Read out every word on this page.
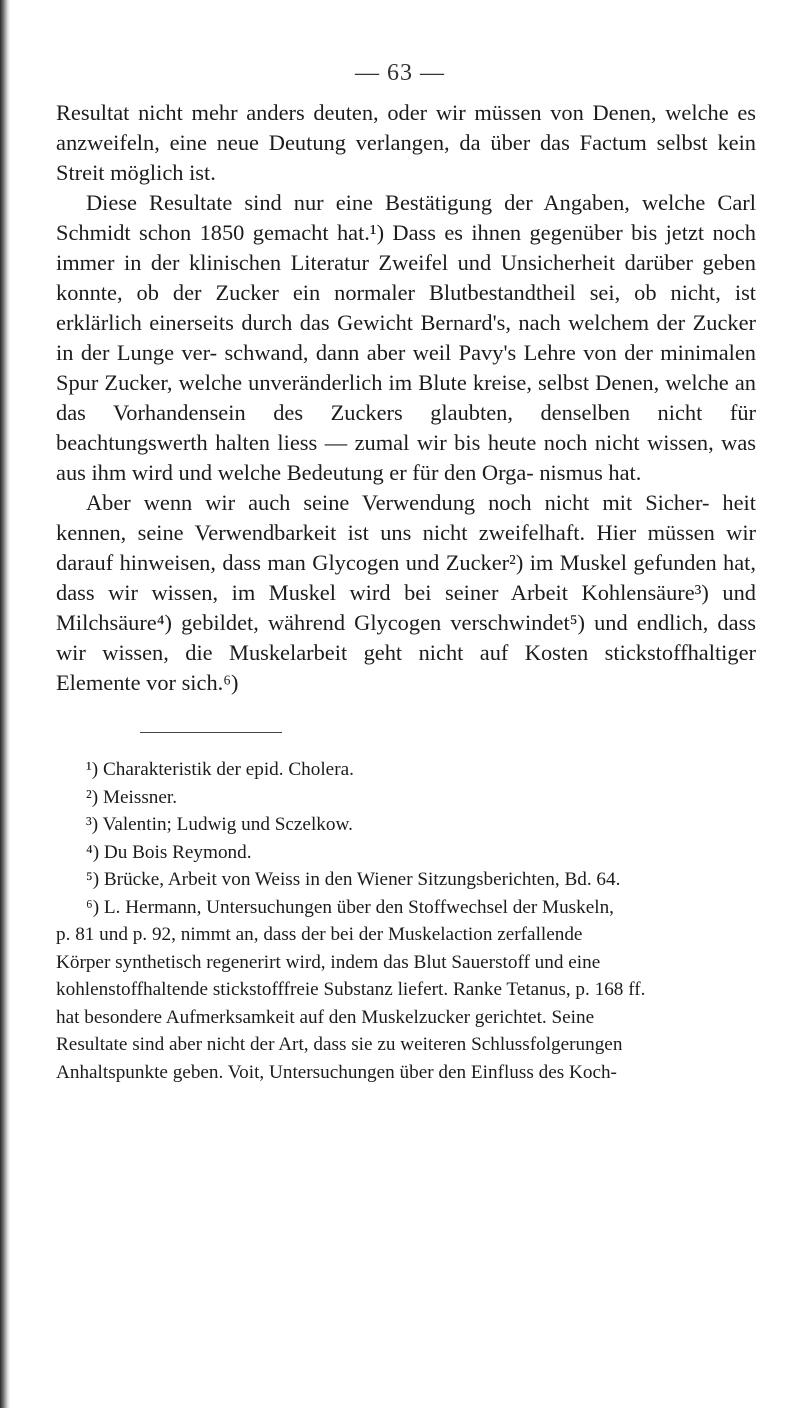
— 63 —

Resultat nicht mehr anders deuten, oder wir müssen von Denen, welche es anzweifeln, eine neue Deutung verlangen, da über das Factum selbst kein Streit möglich ist.

Diese Resultate sind nur eine Bestätigung der Angaben, welche Carl Schmidt schon 1850 gemacht hat.¹) Dass es ihnen gegenüber bis jetzt noch immer in der klinischen Literatur Zweifel und Unsicherheit darüber geben konnte, ob der Zucker ein normaler Blutbestandtheil sei, ob nicht, ist erklärlich einerseits durch das Gewicht Bernard's, nach welchem der Zucker in der Lunge ver- schwand, dann aber weil Pavy's Lehre von der minimalen Spur Zucker, welche unveränderlich im Blute kreise, selbst Denen, welche an das Vorhandensein des Zuckers glaubten, denselben nicht für beachtungswerth halten liess — zumal wir bis heute noch nicht wissen, was aus ihm wird und welche Bedeutung er für den Orga- nismus hat.

Aber wenn wir auch seine Verwendung noch nicht mit Sicher- heit kennen, seine Verwendbarkeit ist uns nicht zweifelhaft. Hier müssen wir darauf hinweisen, dass man Glycogen und Zucker²) im Muskel gefunden hat, dass wir wissen, im Muskel wird bei seiner Arbeit Kohlensäure³) und Milchsäure⁴) gebildet, während Glycogen verschwindet⁵) und endlich, dass wir wissen, die Muskelarbeit geht nicht auf Kosten stickstoffhaltiger Elemente vor sich.⁶)

¹) Charakteristik der epid. Cholera.

²) Meissner.

³) Valentin; Ludwig und Sczelkow.

⁴) Du Bois Reymond.

⁵) Brücke, Arbeit von Weiss in den Wiener Sitzungsberichten, Bd. 64.

⁶) L. Hermann, Untersuchungen über den Stoffwechsel der Muskeln,

p. 81 und p. 92, nimmt an, dass der bei der Muskelaction zerfallende

Körper synthetisch regenerirt wird, indem das Blut Sauerstoff und eine

kohlenstoffhaltende stickstofffreie Substanz liefert. Ranke Tetanus, p. 168 ff.

hat besondere Aufmerksamkeit auf den Muskelzucker gerichtet. Seine

Resultate sind aber nicht der Art, dass sie zu weiteren Schlussfolgerungen

Anhaltspunkte geben. Voit, Untersuchungen über den Einfluss des Koch-
